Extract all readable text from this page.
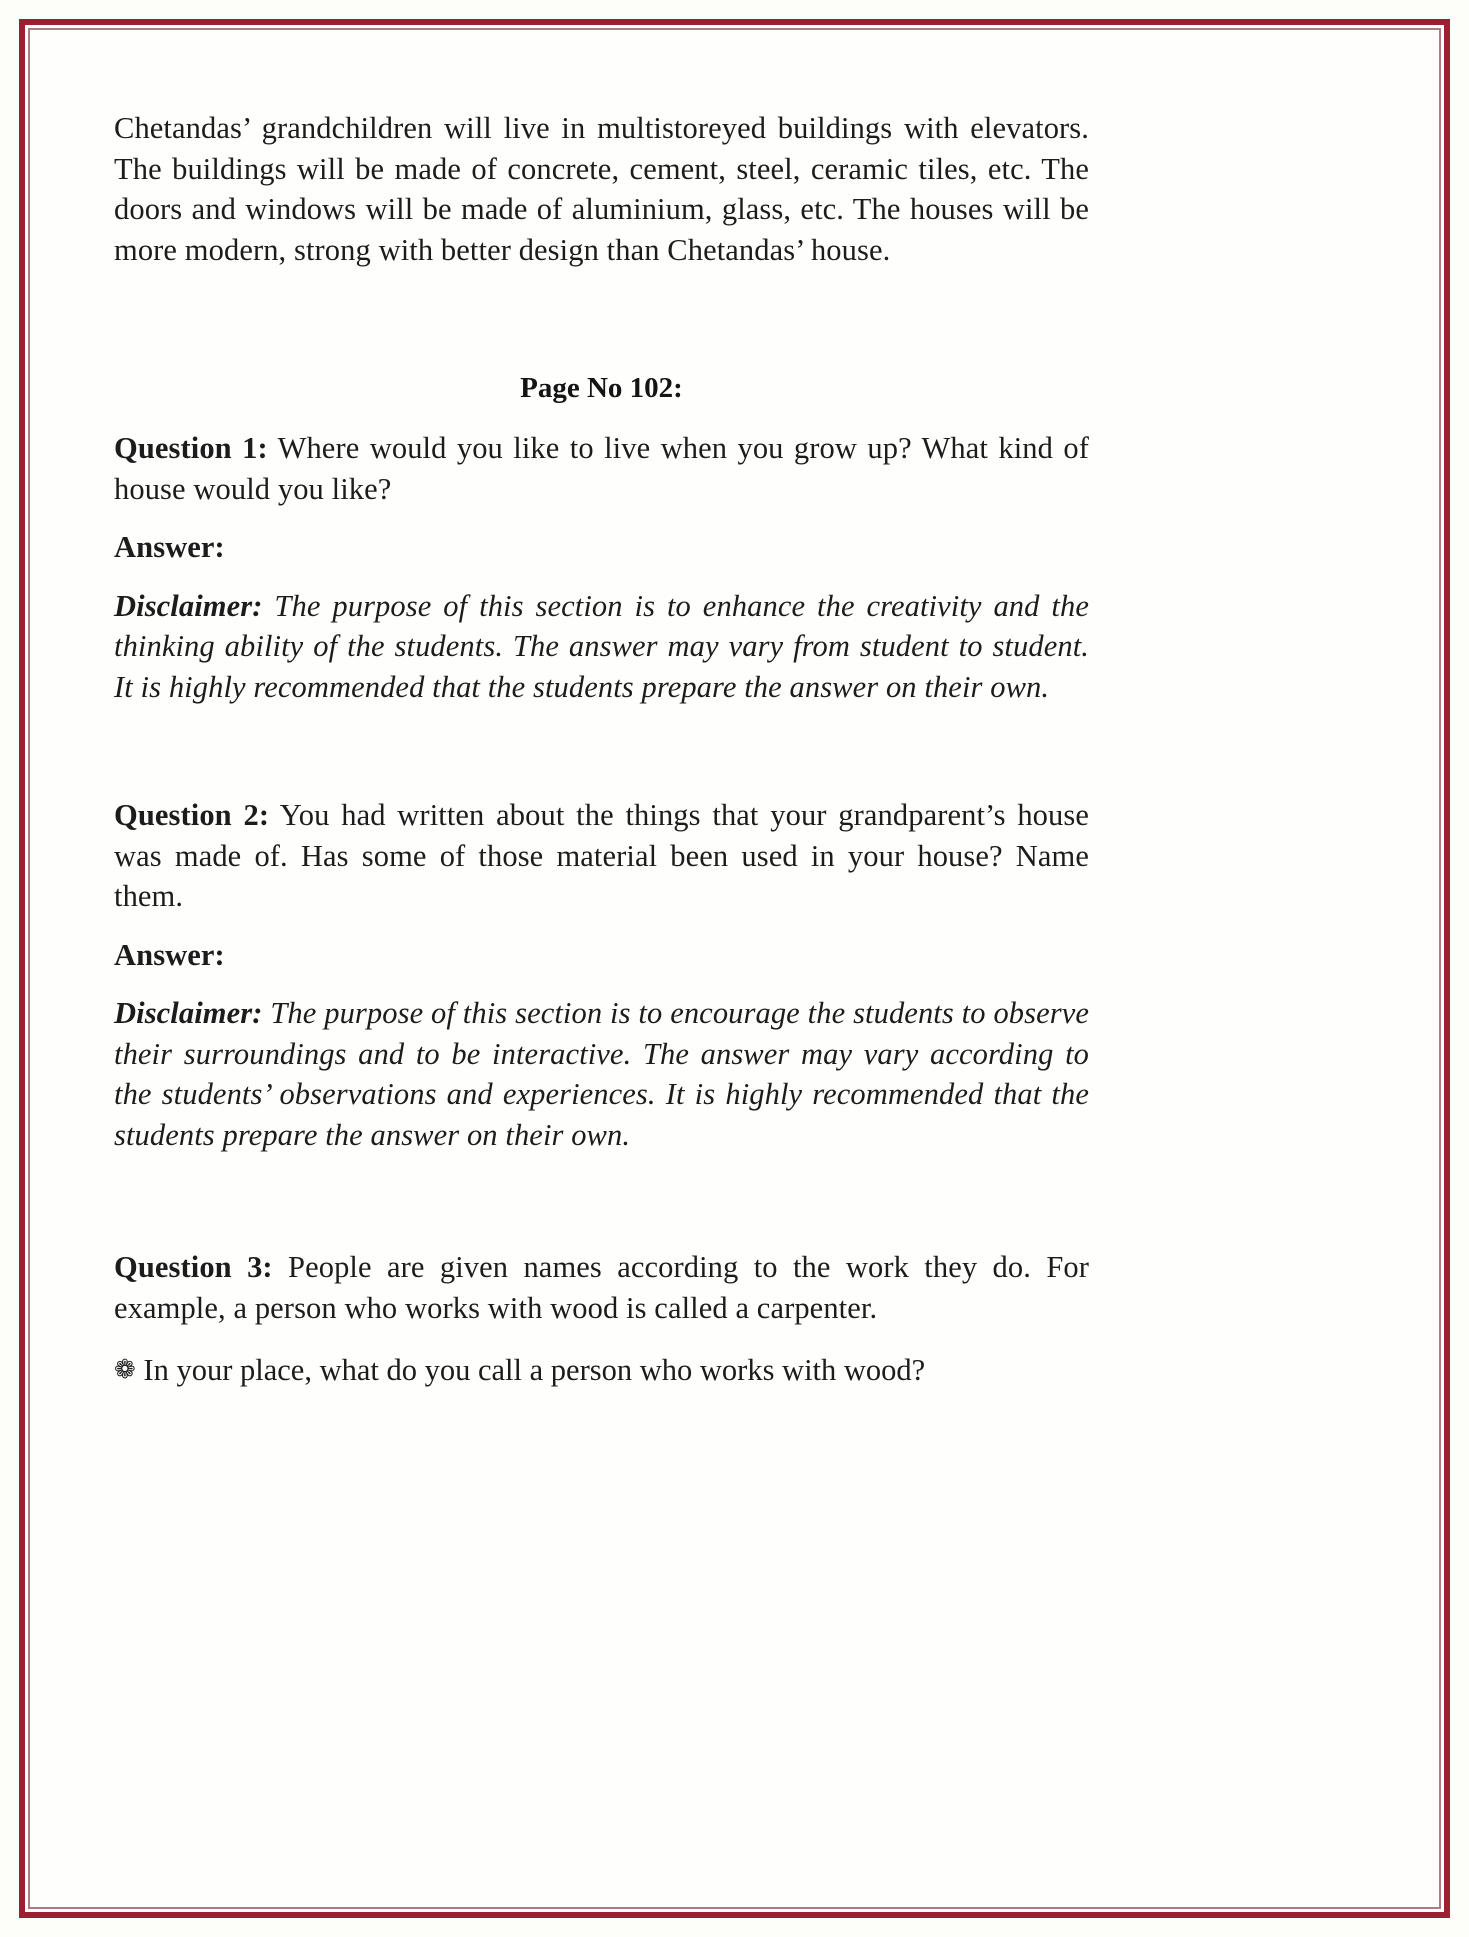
Chetandas’ grandchildren will live in multistoreyed buildings with elevators. The buildings will be made of concrete, cement, steel, ceramic tiles, etc. The doors and windows will be made of aluminium, glass, etc. The houses will be more modern, strong with better design than Chetandas’ house.

Page No 102:

Question 1: Where would you like to live when you grow up? What kind of house would you like?

Answer:

Disclaimer: The purpose of this section is to enhance the creativity and the thinking ability of the students. The answer may vary from student to student. It is highly recommended that the students prepare the answer on their own.

Question 2: You had written about the things that your grandparent’s house was made of. Has some of those material been used in your house? Name them.

Answer:

Disclaimer: The purpose of this section is to encourage the students to observe their surroundings and to be interactive. The answer may vary according to the students’ observations and experiences. It is highly recommended that the students prepare the answer on their own.

Question 3: People are given names according to the work they do. For example, a person who works with wood is called a carpenter.

❁ In your place, what do you call a person who works with wood?
